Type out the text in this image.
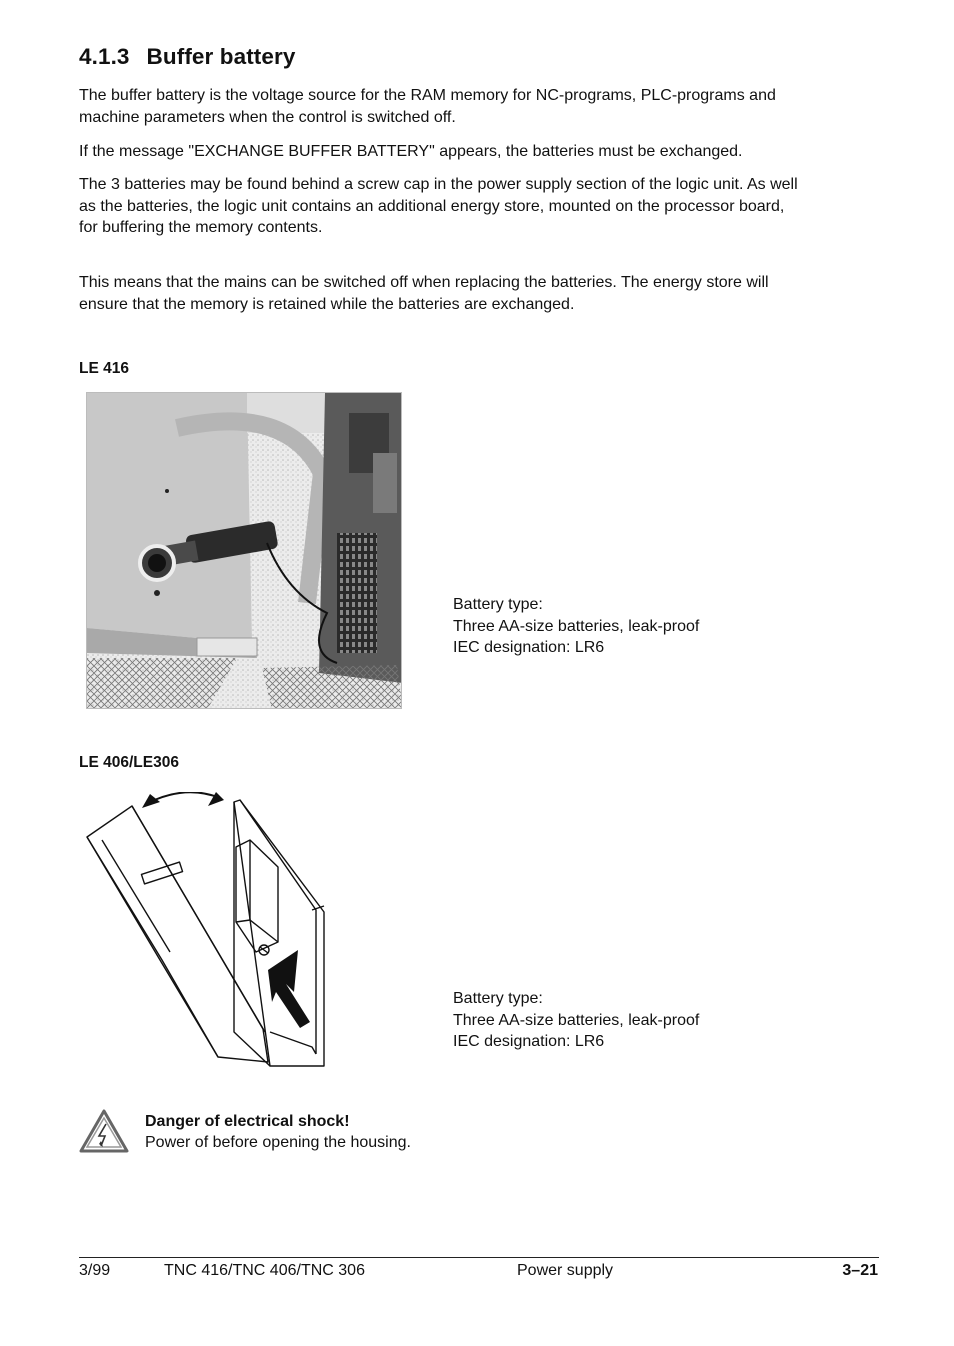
4.1.3 Buffer battery

The buffer battery is the voltage source for the RAM memory for NC-programs, PLC-programs and machine parameters when the control is switched off.

If the message "EXCHANGE BUFFER BATTERY" appears, the batteries must be exchanged.

The 3 batteries may be found behind a screw cap in the power supply section of the logic unit. As well as the batteries, the logic unit contains an additional energy store, mounted on the processor board, for buffering the memory contents.

This means that the mains can be switched off when replacing the batteries. The energy store will ensure that the memory is retained while the batteries are exchanged.

LE 416

Battery type:
Three AA-size batteries, leak-proof
IEC designation: LR6

LE 406/LE306

Battery type:
Three AA-size batteries, leak-proof
IEC designation: LR6
Danger of electrical shock!
Power of before opening the housing.
3/99	TNC 416/TNC 406/TNC 306	Power supply	3–21
